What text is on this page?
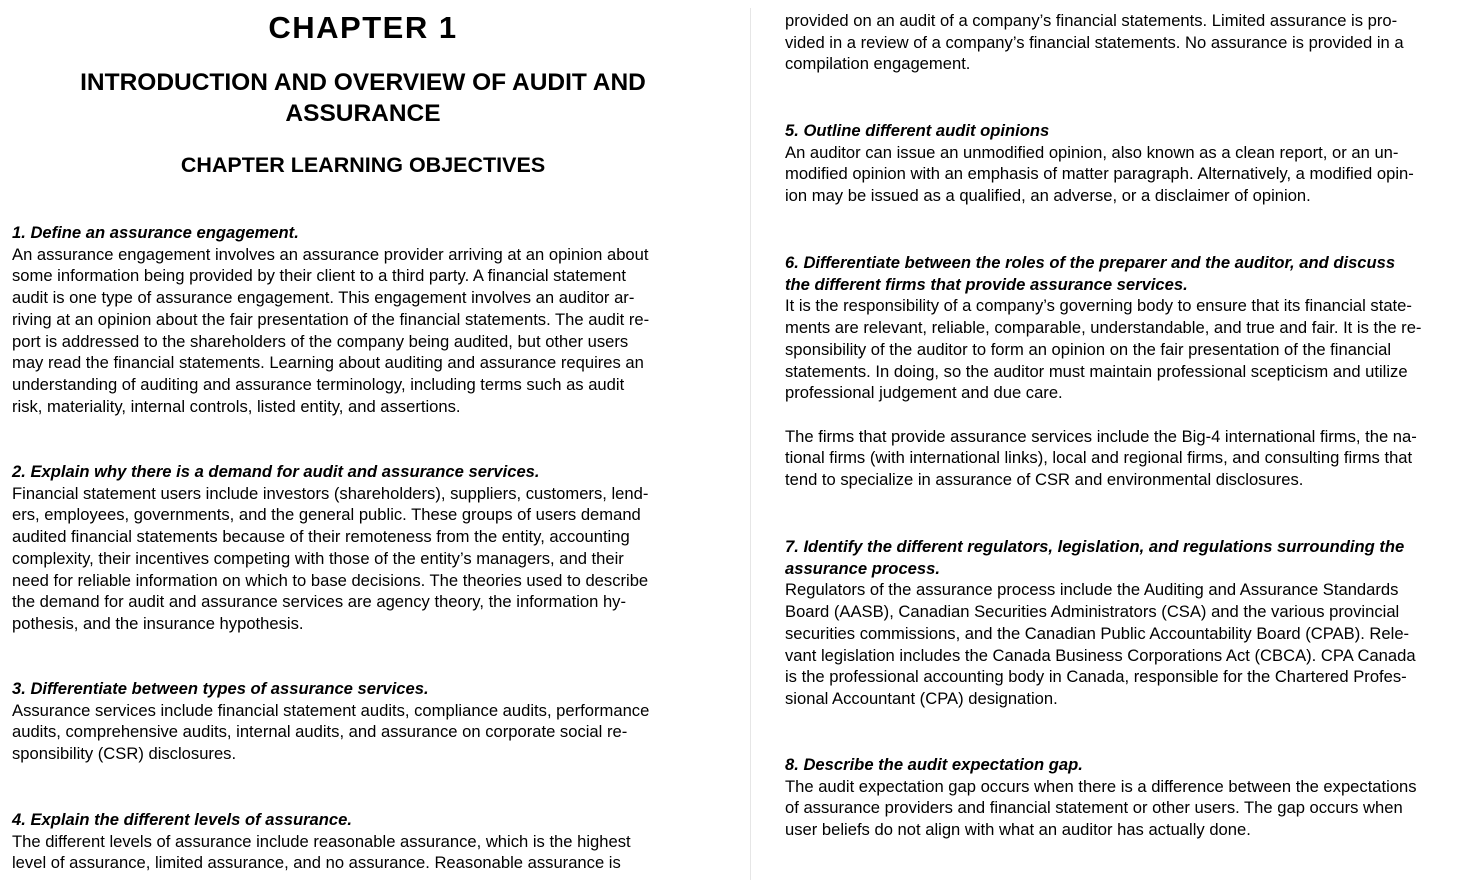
CHAPTER 1
INTRODUCTION AND OVERVIEW OF AUDIT AND
ASSURANCE
CHAPTER LEARNING OBJECTIVES
1. Define an assurance engagement.
An assurance engagement involves an assurance provider arriving at an opinion about
some information being provided by their client to a third party. A financial statement
audit is one type of assurance engagement. This engagement involves an auditor ar-
riving at an opinion about the fair presentation of the financial statements. The audit re-
port is addressed to the shareholders of the company being audited, but other users
may read the financial statements. Learning about auditing and assurance requires an
understanding of auditing and assurance terminology, including terms such as audit
risk, materiality, internal controls, listed entity, and assertions.
2. Explain why there is a demand for audit and assurance services.
Financial statement users include investors (shareholders), suppliers, customers, lend-
ers, employees, governments, and the general public. These groups of users demand
audited financial statements because of their remoteness from the entity, accounting
complexity, their incentives competing with those of the entity’s managers, and their
need for reliable information on which to base decisions. The theories used to describe
the demand for audit and assurance services are agency theory, the information hy-
pothesis, and the insurance hypothesis.
3. Differentiate between types of assurance services.
Assurance services include financial statement audits, compliance audits, performance
audits, comprehensive audits, internal audits, and assurance on corporate social re-
sponsibility (CSR) disclosures.
4. Explain the different levels of assurance.
The different levels of assurance include reasonable assurance, which is the highest
level of assurance, limited assurance, and no assurance. Reasonable assurance is

provided on an audit of a company’s financial statements. Limited assurance is pro-
vided in a review of a company’s financial statements. No assurance is provided in a
compilation engagement.

5. Outline different audit opinions
An auditor can issue an unmodified opinion, also known as a clean report, or an un-
modified opinion with an emphasis of matter paragraph. Alternatively, a modified opin-
ion may be issued as a qualified, an adverse, or a disclaimer of opinion.
6. Differentiate between the roles of the preparer and the auditor, and discuss
the different firms that provide assurance services.
It is the responsibility of a company’s governing body to ensure that its financial state-
ments are relevant, reliable, comparable, understandable, and true and fair. It is the re-
sponsibility of the auditor to form an opinion on the fair presentation of the financial
statements. In doing, so the auditor must maintain professional scepticism and utilize
professional judgement and due care.
The firms that provide assurance services include the Big-4 international firms, the na-
tional firms (with international links), local and regional firms, and consulting firms that
tend to specialize in assurance of CSR and environmental disclosures.
7. Identify the different regulators, legislation, and regulations surrounding the
assurance process.
Regulators of the assurance process include the Auditing and Assurance Standards
Board (AASB), Canadian Securities Administrators (CSA) and the various provincial
securities commissions, and the Canadian Public Accountability Board (CPAB). Rele-
vant legislation includes the Canada Business Corporations Act (CBCA). CPA Canada
is the professional accounting body in Canada, responsible for the Chartered Profes-
sional Accountant (CPA) designation.
8. Describe the audit expectation gap.
The audit expectation gap occurs when there is a difference between the expectations
of assurance providers and financial statement or other users. The gap occurs when
user beliefs do not align with what an auditor has actually done.
